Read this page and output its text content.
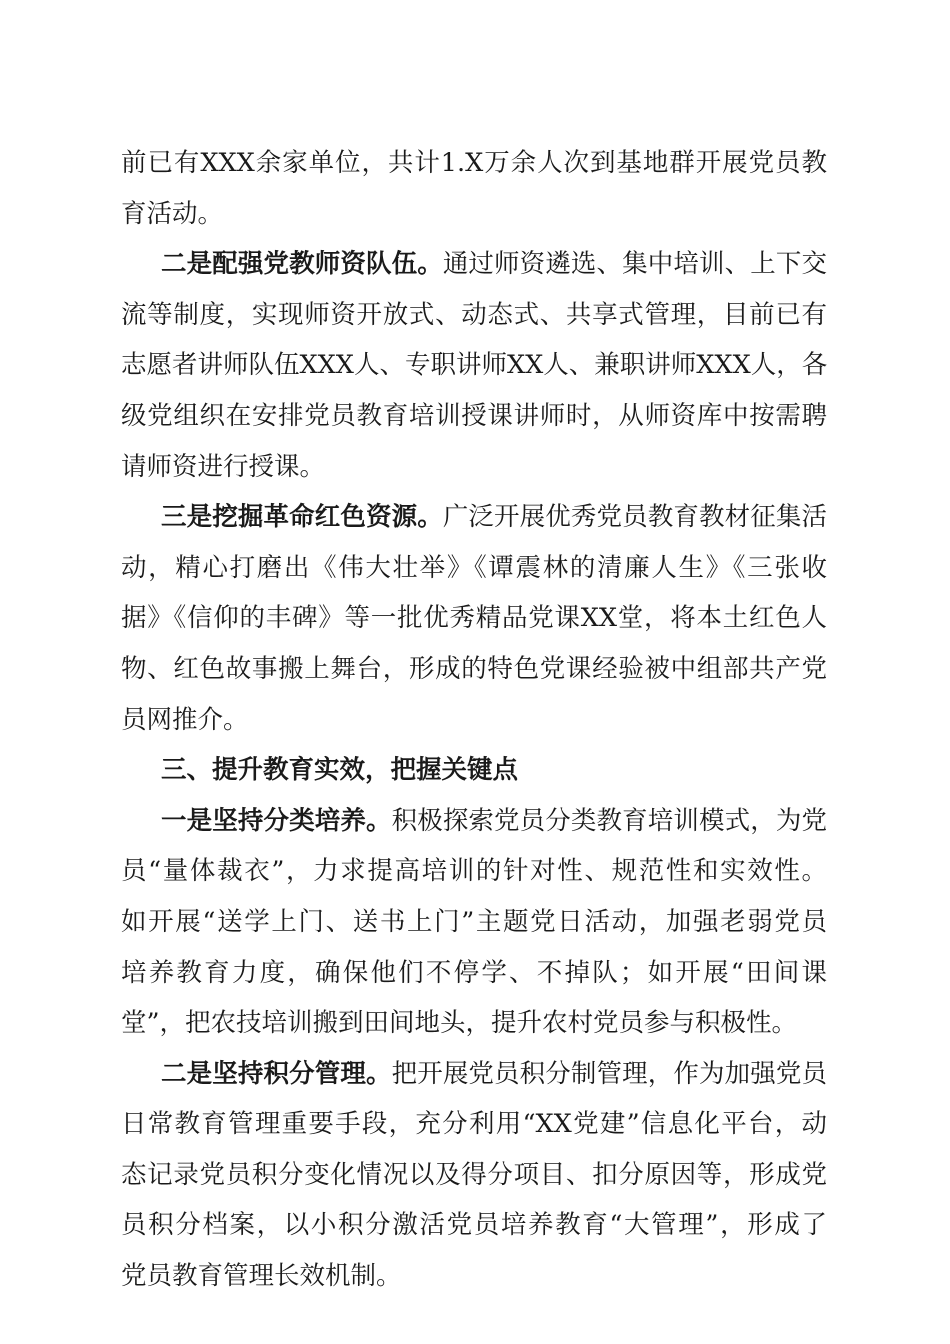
前已有XXX余家单位，共计1.X万余人次到基地群开展党员教
育活动。
二是配强党教师资队伍。通过师资遴选、集中培训、上下交
流等制度，实现师资开放式、动态式、共享式管理，目前已有
志愿者讲师队伍XXX人、专职讲师XX人、兼职讲师XXX人，各
级党组织在安排党员教育培训授课讲师时，从师资库中按需聘
请师资进行授课。
三是挖掘革命红色资源。广泛开展优秀党员教育教材征集活
动，精心打磨出《伟大壮举》《谭震林的清廉人生》《三张收
据》《信仰的丰碑》等一批优秀精品党课XX堂，将本土红色人
物、红色故事搬上舞台，形成的特色党课经验被中组部共产党
员网推介。
三、提升教育实效，把握关键点
一是坚持分类培养。积极探索党员分类教育培训模式，为党
员“量体裁衣”，力求提高培训的针对性、规范性和实效性。
如开展“送学上门、送书上门”主题党日活动，加强老弱党员
培养教育力度，确保他们不停学、不掉队；如开展“田间课
堂”，把农技培训搬到田间地头，提升农村党员参与积极性。
二是坚持积分管理。把开展党员积分制管理，作为加强党员
日常教育管理重要手段，充分利用“XX党建”信息化平台，动
态记录党员积分变化情况以及得分项目、扣分原因等，形成党
员积分档案，以小积分激活党员培养教育“大管理”，形成了
党员教育管理长效机制。
